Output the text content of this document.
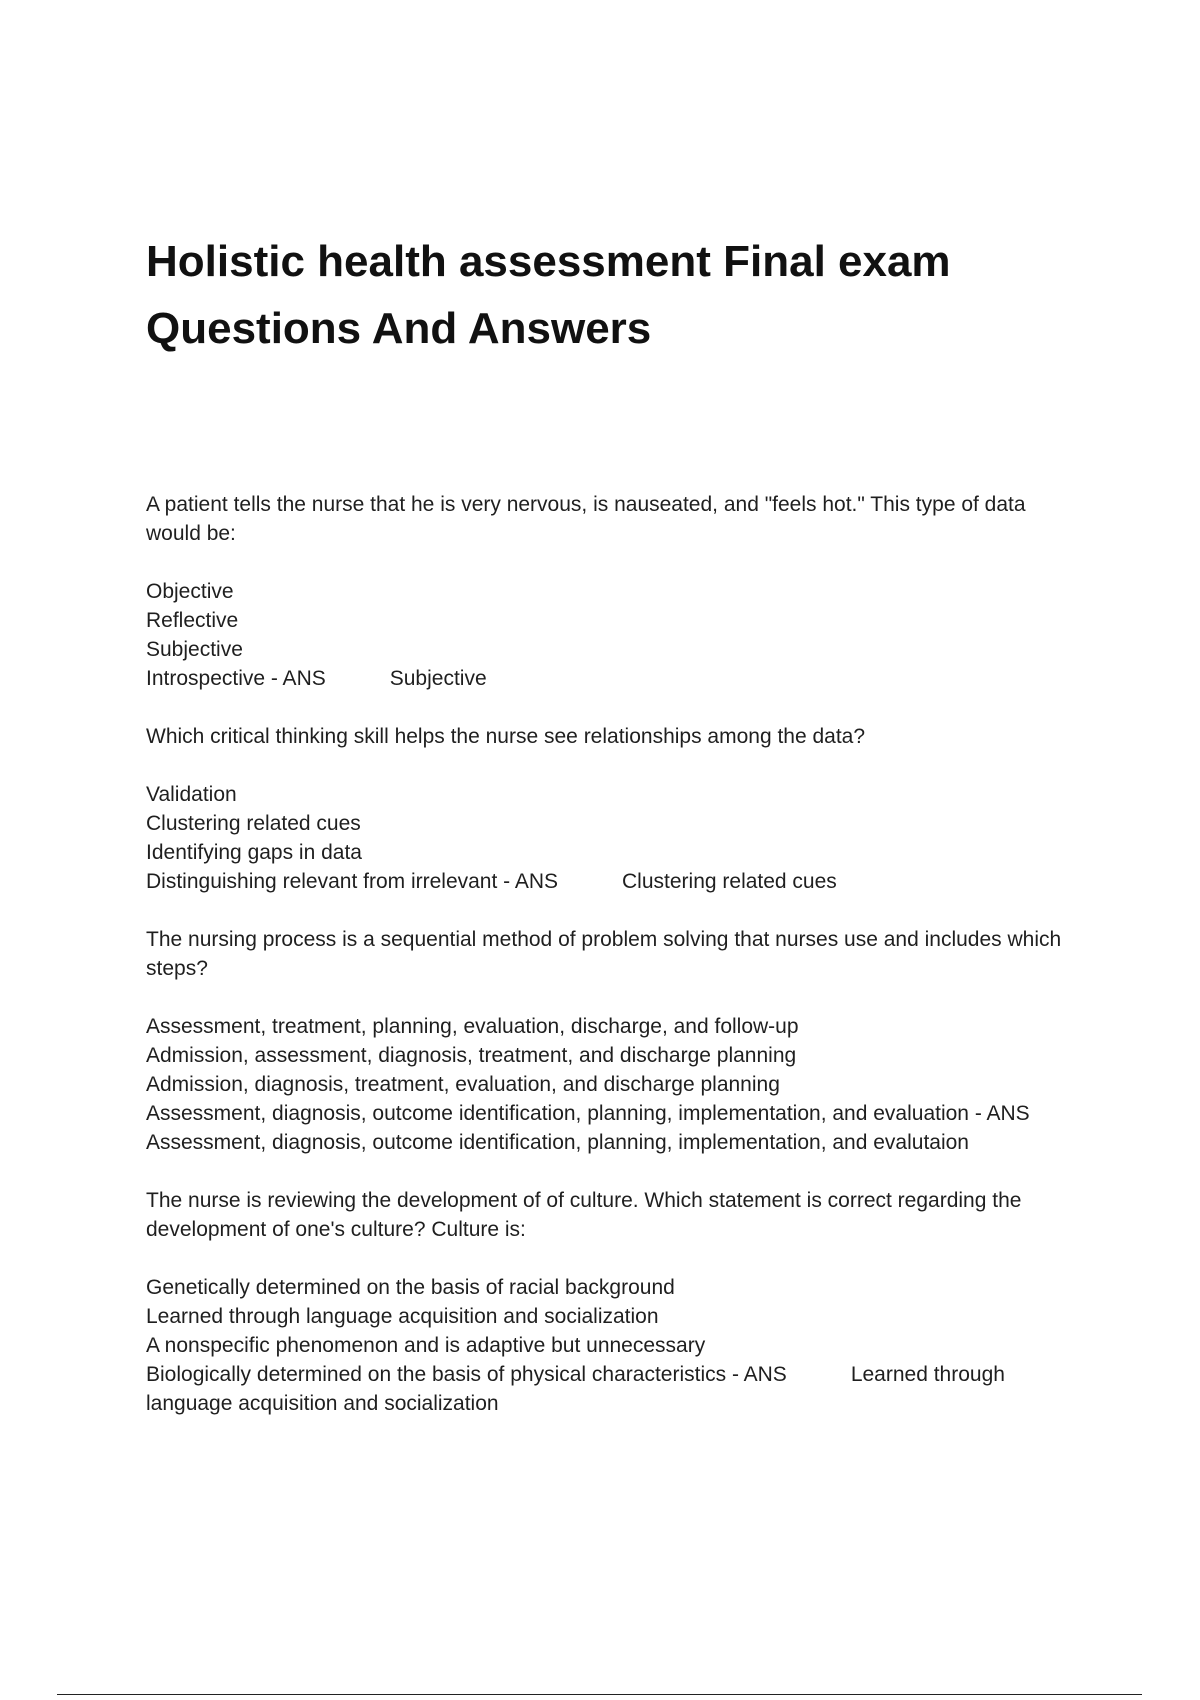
Holistic health assessment Final exam Questions And Answers
A patient tells the nurse that he is very nervous, is nauseated, and "feels hot." This type of data would be:
Objective
Reflective
Subjective
Introspective - ANS	Subjective
Which critical thinking skill helps the nurse see relationships among the data?
Validation
Clustering related cues
Identifying gaps in data
Distinguishing relevant from irrelevant - ANS	Clustering related cues
The nursing process is a sequential method of problem solving that nurses use and includes which steps?
Assessment, treatment, planning, evaluation, discharge, and follow-up
Admission, assessment, diagnosis, treatment, and discharge planning
Admission, diagnosis, treatment, evaluation, and discharge planning
Assessment, diagnosis, outcome identification, planning, implementation, and evaluation - ANS
Assessment, diagnosis, outcome identification, planning, implementation, and evalutaion
The nurse is reviewing the development of of culture. Which statement is correct regarding the development of one's culture? Culture is:
Genetically determined on the basis of racial background
Learned through language acquisition and socialization
A nonspecific phenomenon and is adaptive but unnecessary
Biologically determined on the basis of physical characteristics - ANS	Learned through language acquisition and socialization
